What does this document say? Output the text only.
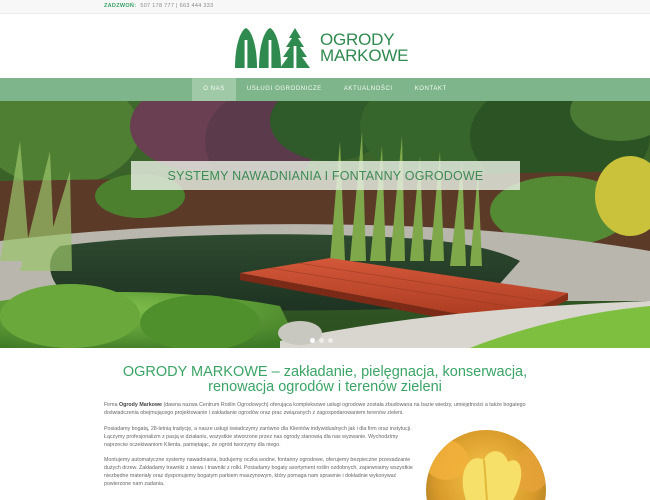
ZADZWOŃ: 507 178 777 | 663 444 333
OGRODY
MARKOWE
O NAS	USŁUGI OGRODNICZE	AKTUALNOŚCI	KONTAKT
SYSTEMY NAWADNIANIA I FONTANNY OGRODOWE
OGRODY MARKOWE – zakładanie, pielęgnacja, konserwacja, renowacja ogrodów i terenów zieleni
Firma Ogrody Markowe (dawna nazwa Centrum Roślin Ogrodowych) oferująca kompleksowe usługi ogrodowe została zbudowana na bazie wiedzy, umiejętności a także bogatego doświadczenia obejmującego projektowanie i zakładanie ogrodów oraz prac związanych z zagospodarowaniem terenów zieleni.
Posiadamy bogatą, 28-letnią tradycję, a nasze usługi świadczymy zarówno dla Klientów indywidualnych jak i dla firm oraz instytucji. Łączymy profesjonalizm z pasją w działaniu, wszystkie stworzone przez nas ogrody stanowią dla nas wyzwanie. Wychodzimy naprzeciw oczekiwaniom Klienta, pamiętając, że ogród tworzymy dla niego.
Montujemy automatyczne systemy nawadniania, budujemy oczka wodne, fontanny ogrodowe, oferujemy bezpieczne przesadzanie dużych drzew. Zakładamy trawniki z siewu i trawniki z rolki. Posiadamy bogaty asortyment roślin ozdobnych, zapewniamy wszystkie niezbędne materiały oraz dysponujemy bogatym parkiem maszynowym, który pomaga nam sprawnie i dokładnie wykonywać powierzone nam zadania.
